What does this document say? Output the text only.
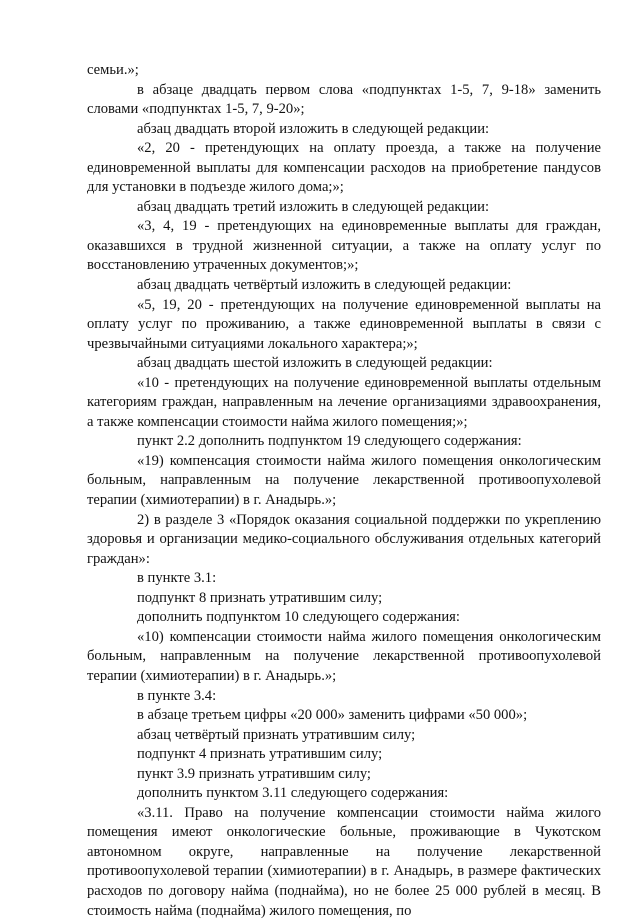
семьи.»;

в абзаце двадцать первом слова «подпунктах 1-5, 7, 9-18» заменить словами «подпунктах 1-5, 7, 9-20»;

абзац двадцать второй изложить в следующей редакции:

«2, 20 - претендующих на оплату проезда, а также на получение единовременной выплаты для компенсации расходов на приобретение пандусов для установки в подъезде жилого дома;»;

абзац двадцать третий изложить в следующей редакции:

«3, 4, 19 - претендующих на единовременные выплаты для граждан, оказавшихся в трудной жизненной ситуации, а также на оплату услуг по восстановлению утраченных документов;»;

абзац двадцать четвёртый изложить в следующей редакции:

«5, 19, 20 - претендующих на получение единовременной выплаты на оплату услуг по проживанию, а также единовременной выплаты в связи с чрезвычайными ситуациями локального характера;»;

абзац двадцать шестой изложить в следующей редакции:

«10 - претендующих на получение единовременной выплаты отдельным категориям граждан, направленным на лечение организациями здравоохранения, а также компенсации стоимости найма жилого помещения;»;

пункт 2.2 дополнить подпунктом 19 следующего содержания:

«19) компенсация стоимости найма жилого помещения онкологическим больным, направленным на получение лекарственной противоопухолевой терапии (химиотерапии) в г. Анадырь.»;

2) в разделе 3 «Порядок оказания социальной поддержки по укреплению здоровья и организации медико-социального обслуживания отдельных категорий граждан»:

в пункте 3.1:

подпункт 8 признать утратившим силу;

дополнить подпунктом 10 следующего содержания:

«10) компенсации стоимости найма жилого помещения онкологическим больным, направленным на получение лекарственной противоопухолевой терапии (химиотерапии) в г. Анадырь.»;

в пункте 3.4:

в абзаце третьем цифры «20 000» заменить цифрами «50 000»;

абзац четвёртый признать утратившим силу;

подпункт 4 признать утратившим силу;

пункт 3.9 признать утратившим силу;

дополнить пунктом 3.11 следующего содержания:

«3.11. Право на получение компенсации стоимости найма жилого помещения имеют онкологические больные, проживающие в Чукотском автономном округе, направленные на получение лекарственной противоопухолевой терапии (химиотерапии) в г. Анадырь, в размере фактических расходов по договору найма (поднайма), но не более 25 000 рублей в месяц. В стоимость найма (поднайма) жилого помещения, по
